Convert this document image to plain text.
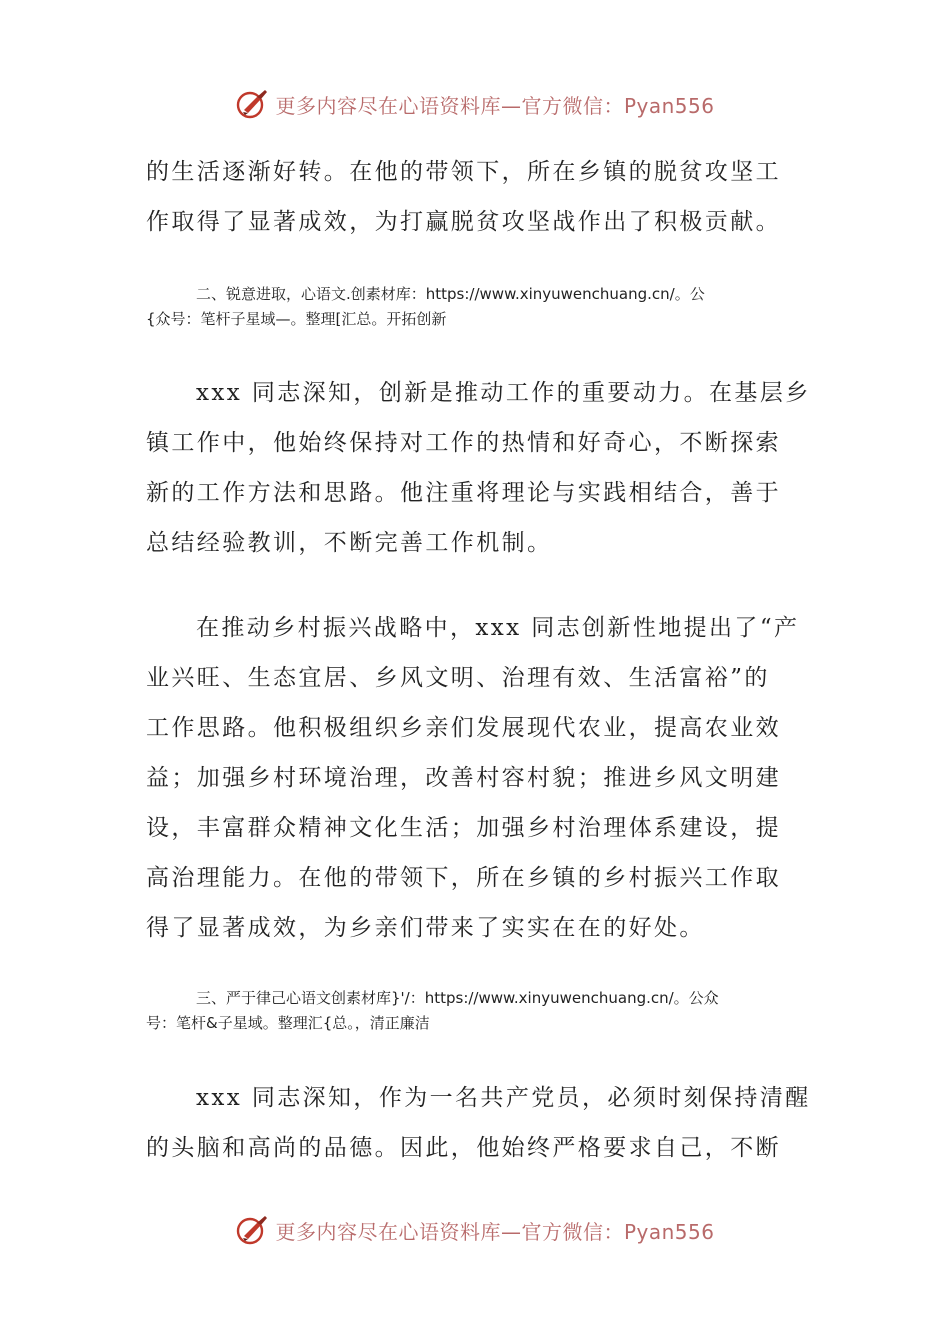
更多内容尽在心语资料库—官方微信：Pyan556
的生活逐渐好转。在他的带领下，所在乡镇的脱贫攻坚工
作取得了显著成效，为打赢脱贫攻坚战作出了积极贡献。
二、锐意进取，心语文.创素材库：https://www.xinyuwenchuang.cn/。公
{众号：笔杆子星域—。整理[汇总。开拓创新
xxx 同志深知，创新是推动工作的重要动力。在基层乡
镇工作中，他始终保持对工作的热情和好奇心，不断探索
新的工作方法和思路。他注重将理论与实践相结合，善于
总结经验教训，不断完善工作机制。
在推动乡村振兴战略中，xxx 同志创新性地提出了“产
业兴旺、生态宜居、乡风文明、治理有效、生活富裕”的
工作思路。他积极组织乡亲们发展现代农业，提高农业效
益；加强乡村环境治理，改善村容村貌；推进乡风文明建
设，丰富群众精神文化生活；加强乡村治理体系建设，提
高治理能力。在他的带领下，所在乡镇的乡村振兴工作取
得了显著成效，为乡亲们带来了实实在在的好处。
三、严于律己心语文创素材库}'/：https://www.xinyuwenchuang.cn/。公众
号：笔杆&子星域。整理汇{总。，清正廉洁
xxx 同志深知，作为一名共产党员，必须时刻保持清醒
的头脑和高尚的品德。因此，他始终严格要求自己，不断
更多内容尽在心语资料库—官方微信：Pyan556
